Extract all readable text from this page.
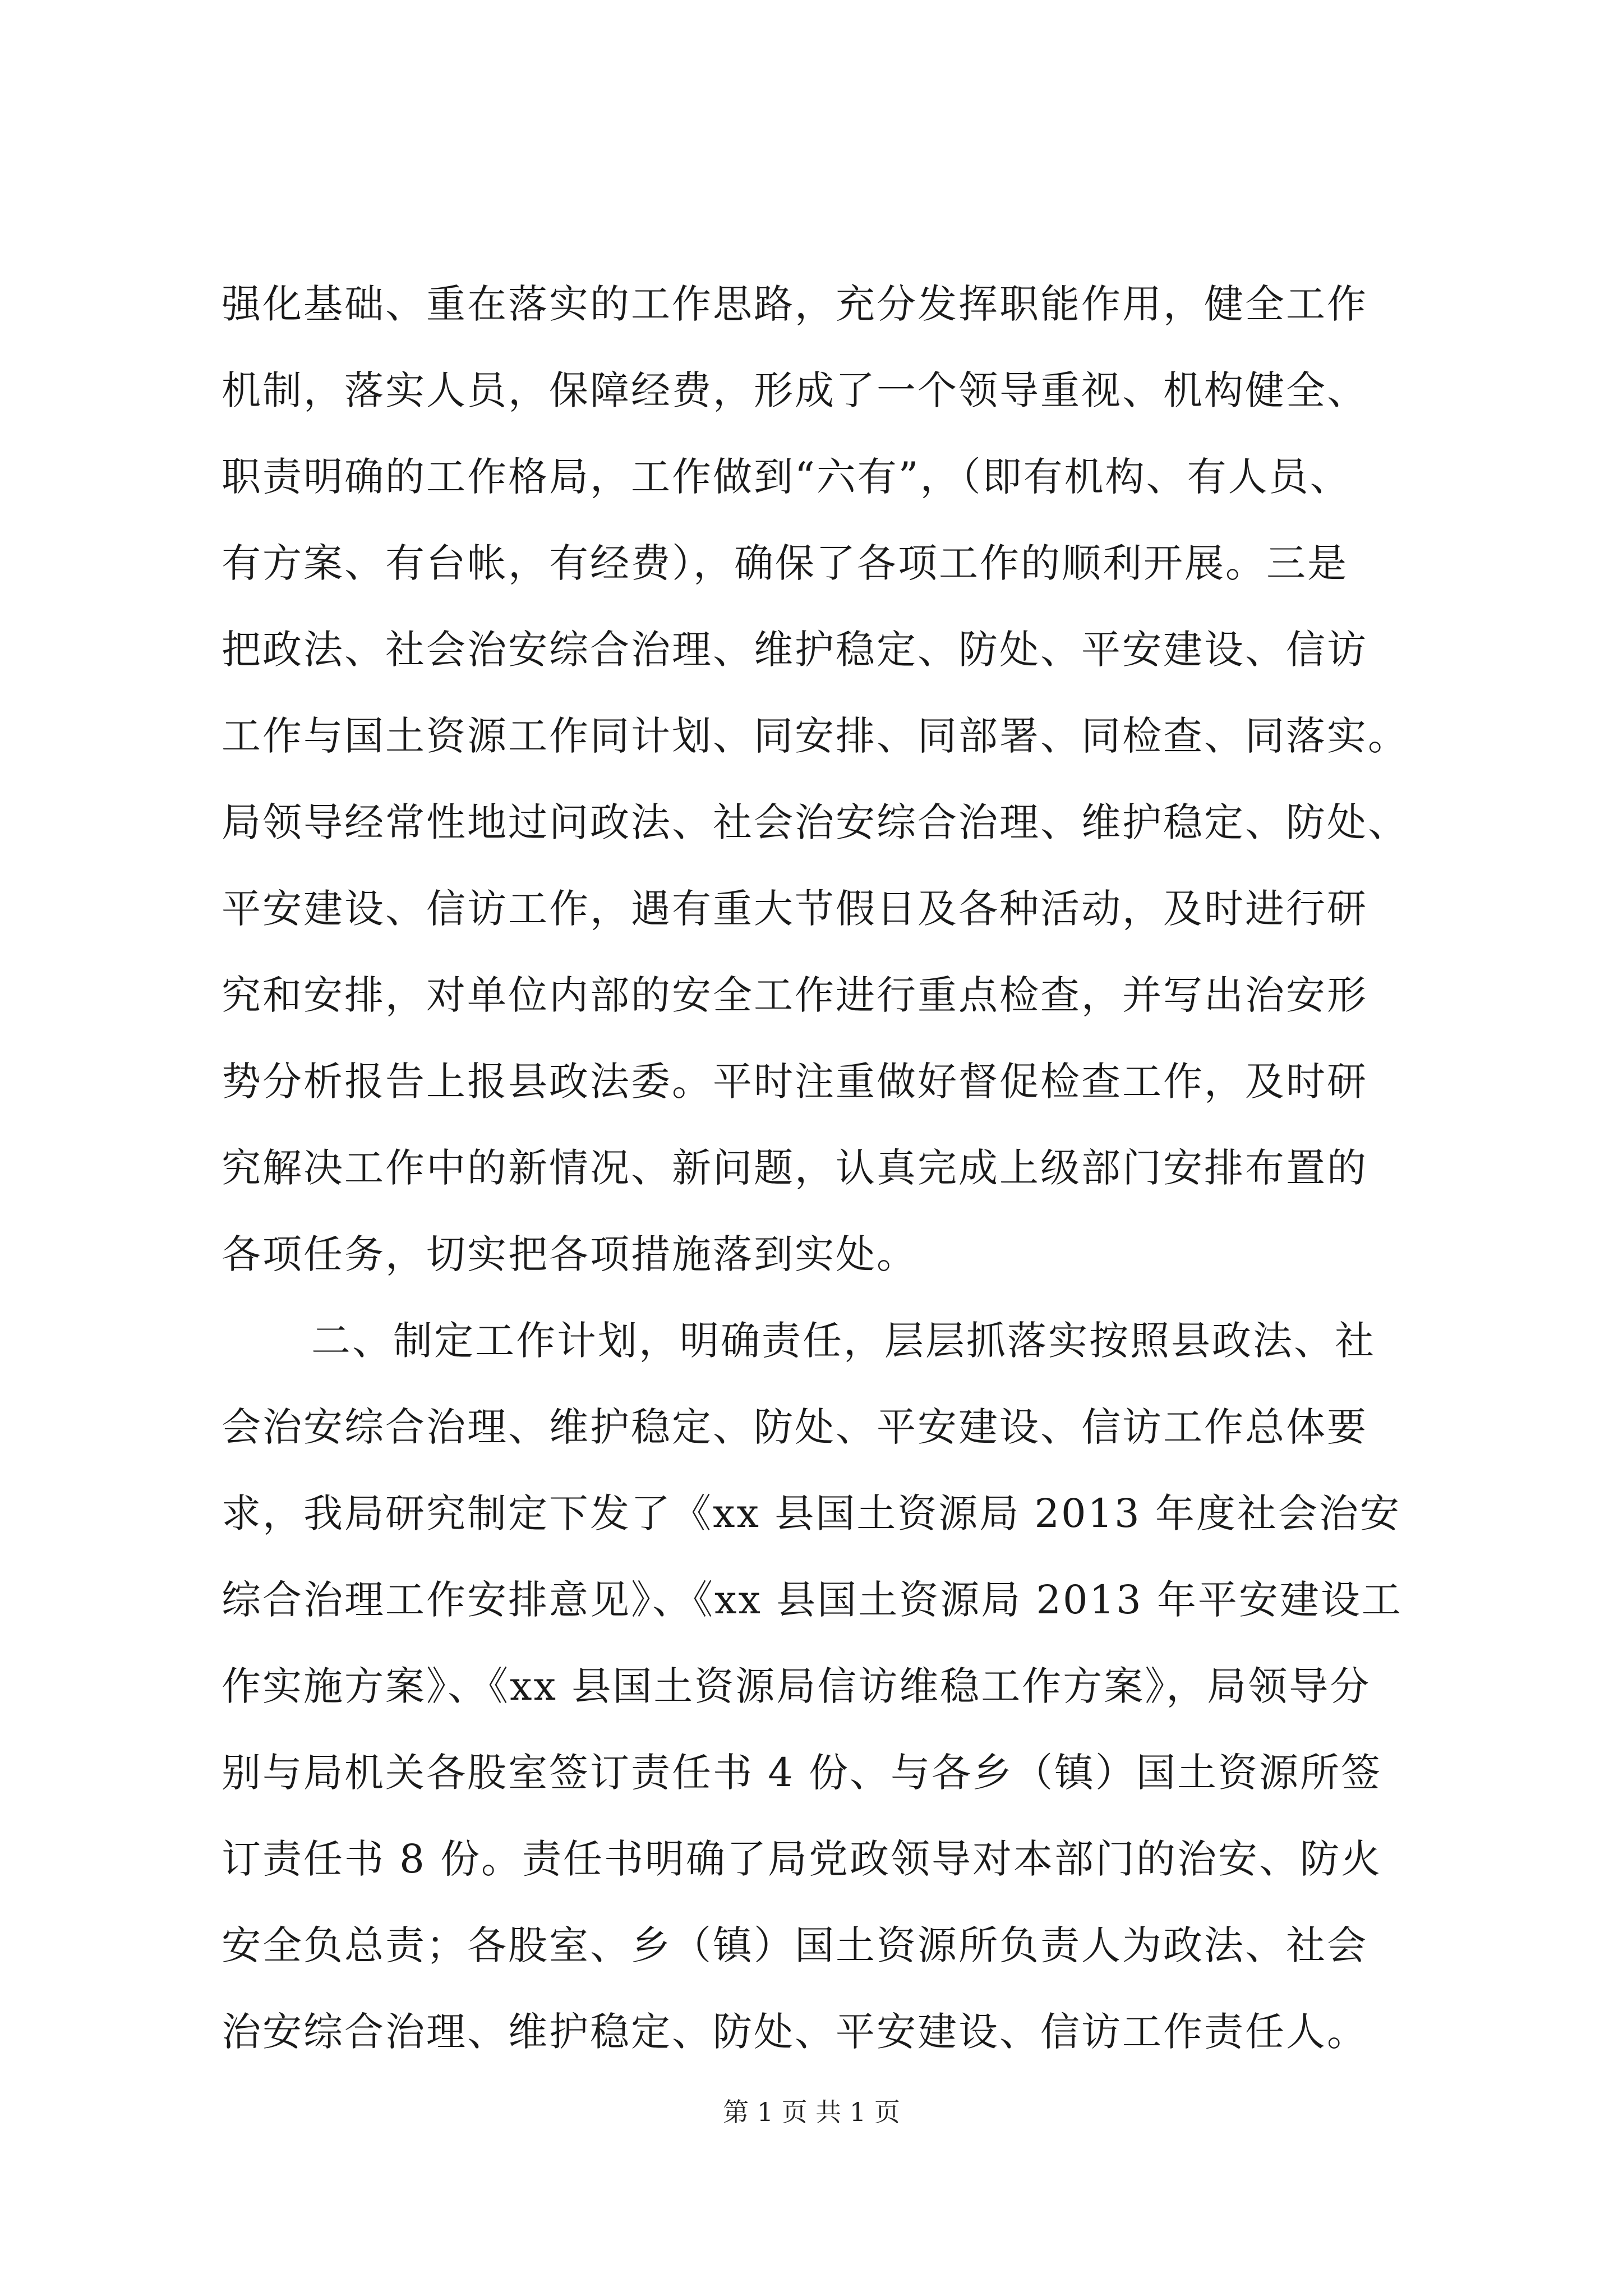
强化基础、重在落实的工作思路，充分发挥职能作用，健全工作
机制，落实人员，保障经费，形成了一个领导重视、机构健全、
职责明确的工作格局，工作做到“六有”，（即有机构、有人员、
有方案、有台帐，有经费），确保了各项工作的顺利开展。三是
把政法、社会治安综合治理、维护稳定、防处、平安建设、信访
工作与国土资源工作同计划、同安排、同部署、同检查、同落实。
局领导经常性地过问政法、社会治安综合治理、维护稳定、防处、
平安建设、信访工作，遇有重大节假日及各种活动，及时进行研
究和安排，对单位内部的安全工作进行重点检查，并写出治安形
势分析报告上报县政法委。平时注重做好督促检查工作，及时研
究解决工作中的新情况、新问题，认真完成上级部门安排布置的
各项任务，切实把各项措施落到实处。
二、制定工作计划，明确责任，层层抓落实按照县政法、社
会治安综合治理、维护稳定、防处、平安建设、信访工作总体要
求，我局研究制定下发了《xx 县国土资源局 2013 年度社会治安
综合治理工作安排意见》、《xx 县国土资源局 2013 年平安建设工
作实施方案》、《xx 县国土资源局信访维稳工作方案》，局领导分
别与局机关各股室签订责任书 4 份、与各乡（镇）国土资源所签
订责任书 8 份。责任书明确了局党政领导对本部门的治安、防火
安全负总责；各股室、乡（镇）国土资源所负责人为政法、社会
治安综合治理、维护稳定、防处、平安建设、信访工作责任人。
第 1 页 共 1 页
